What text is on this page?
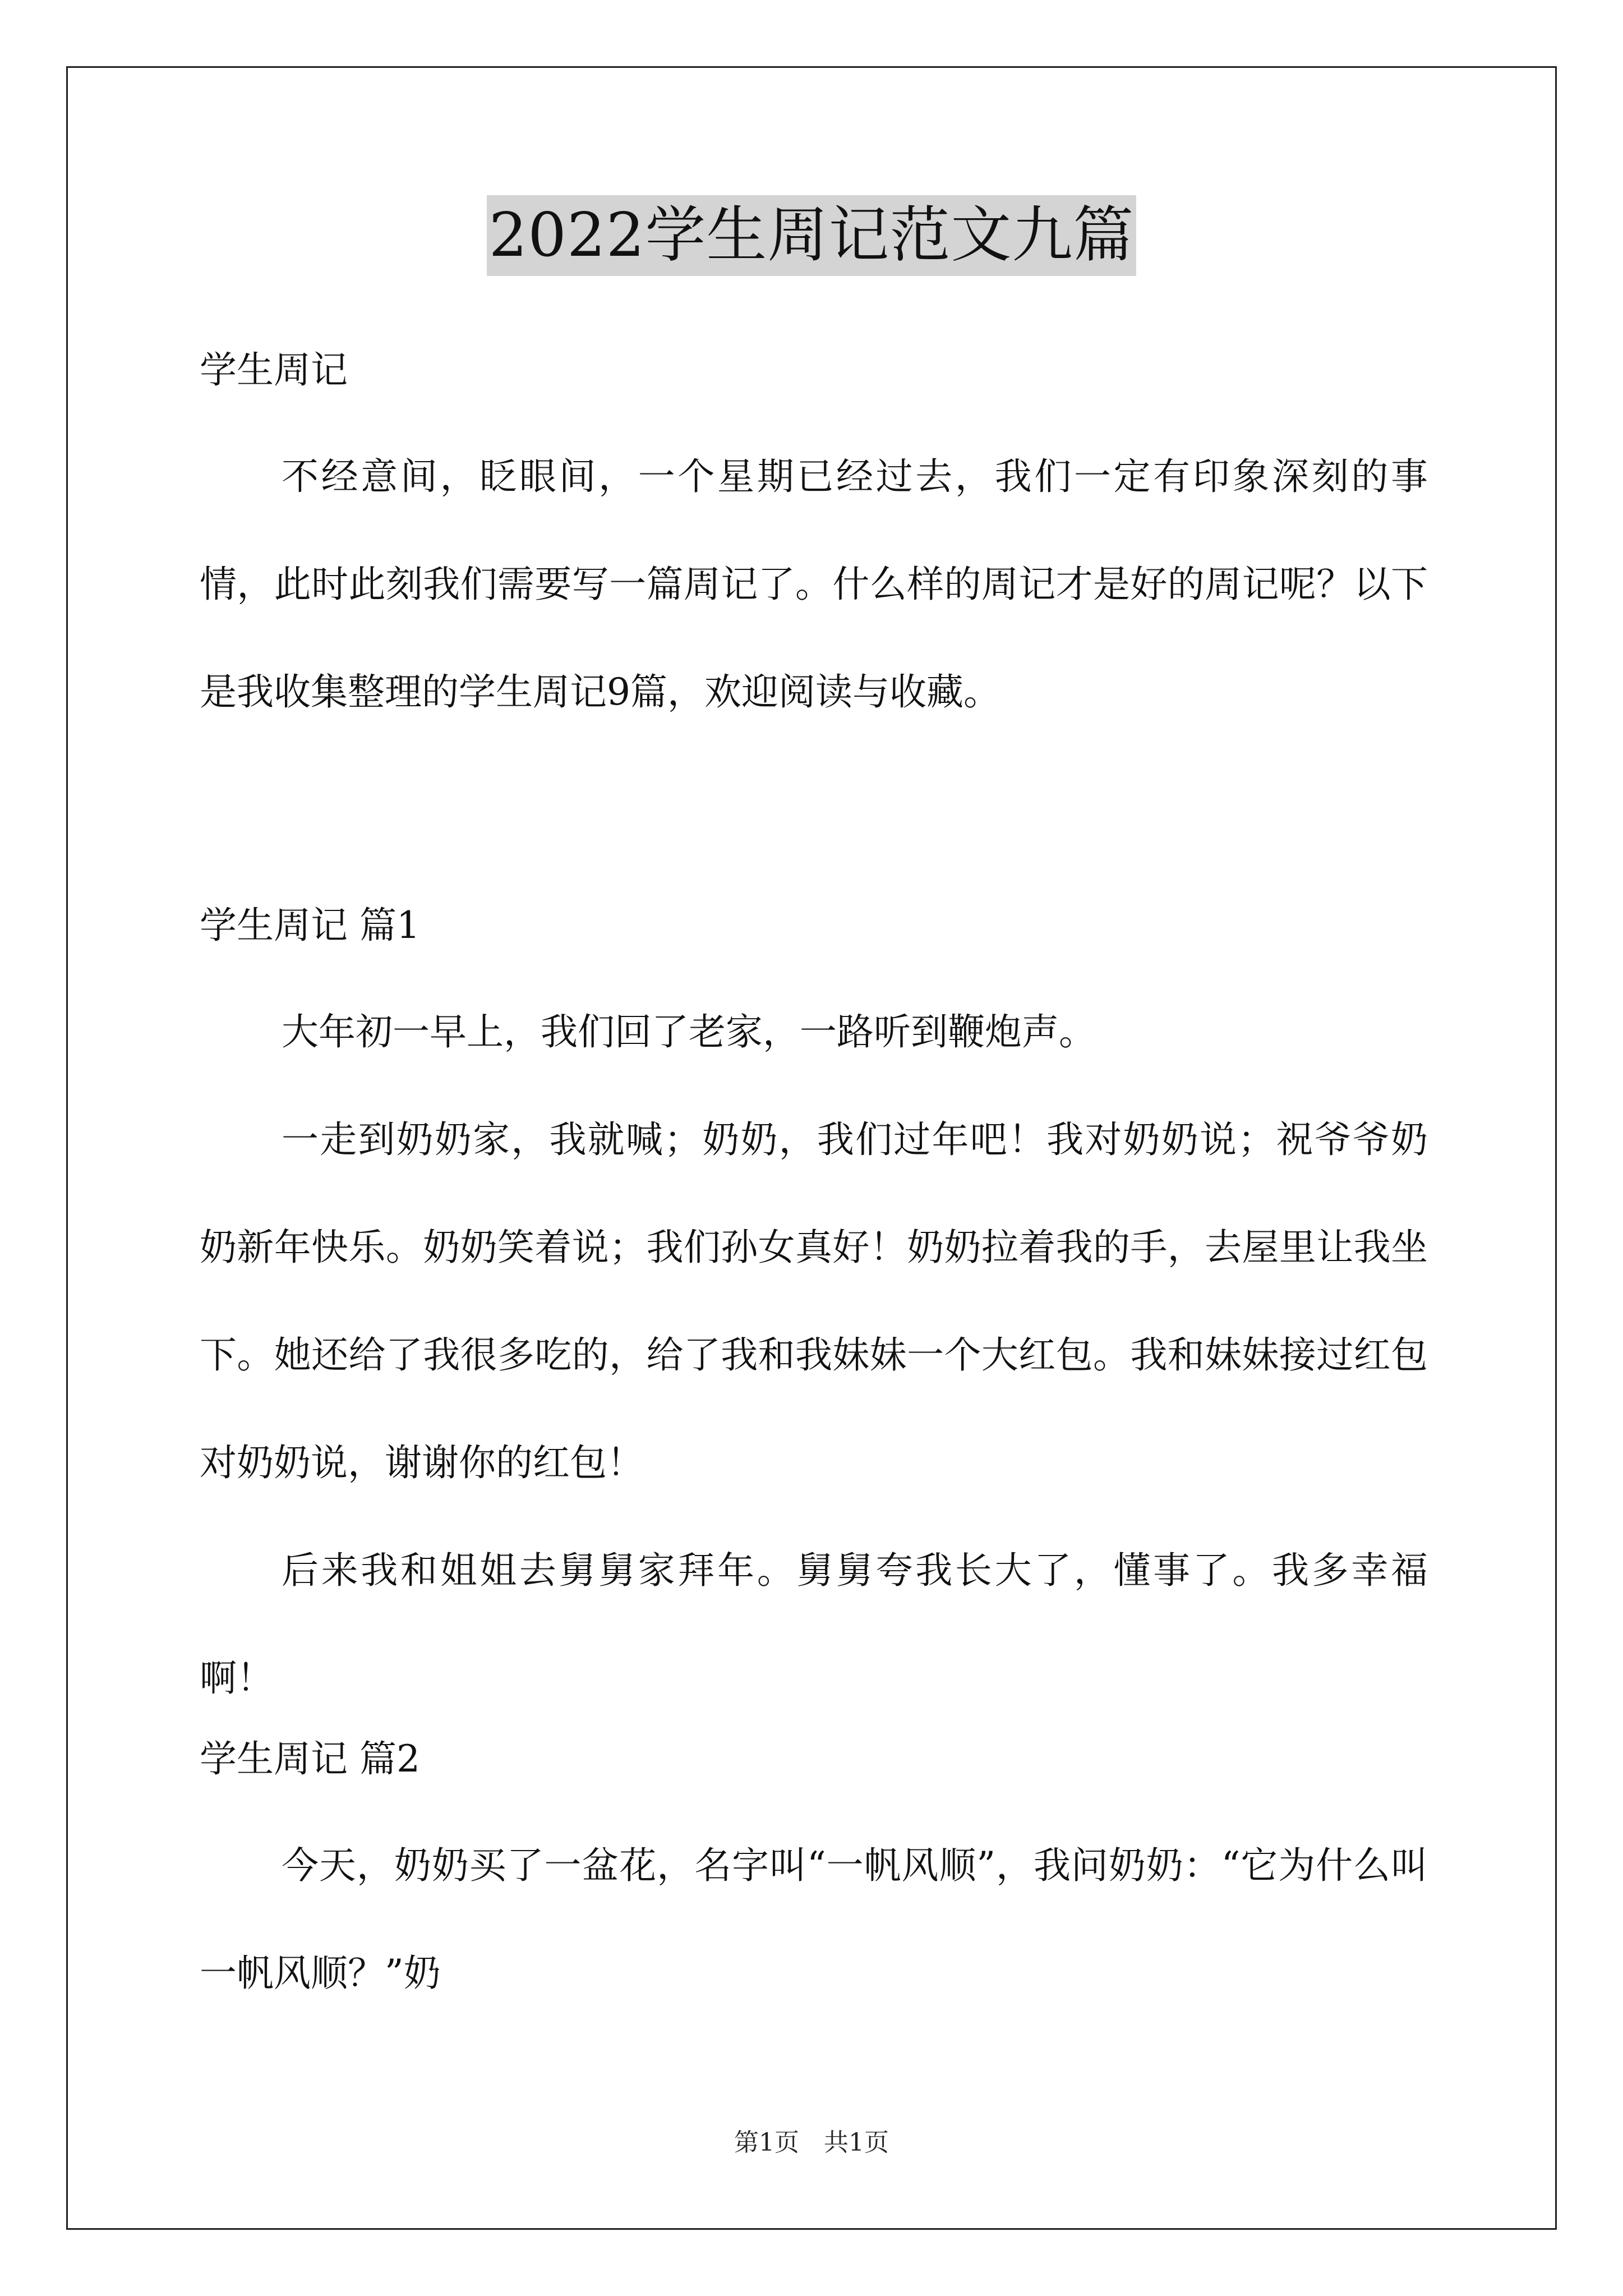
2022学生周记范文九篇

学生周记

不经意间，眨眼间，一个星期已经过去，我们一定有印象深刻的事情，此时此刻我们需要写一篇周记了。什么样的周记才是好的周记呢？以下是我收集整理的学生周记9篇，欢迎阅读与收藏。

学生周记 篇1

大年初一早上，我们回了老家，一路听到鞭炮声。

一走到奶奶家，我就喊；奶奶，我们过年吧！我对奶奶说；祝爷爷奶奶新年快乐。奶奶笑着说；我们孙女真好！奶奶拉着我的手，去屋里让我坐下。她还给了我很多吃的，给了我和我妹妹一个大红包。我和妹妹接过红包对奶奶说，谢谢你的红包！

后来我和姐姐去舅舅家拜年。舅舅夸我长大了，懂事了。我多幸福啊！

学生周记 篇2

今天，奶奶买了一盆花，名字叫“一帆风顺”，我问奶奶：“它为什么叫一帆风顺？”奶

第1页　共1页
